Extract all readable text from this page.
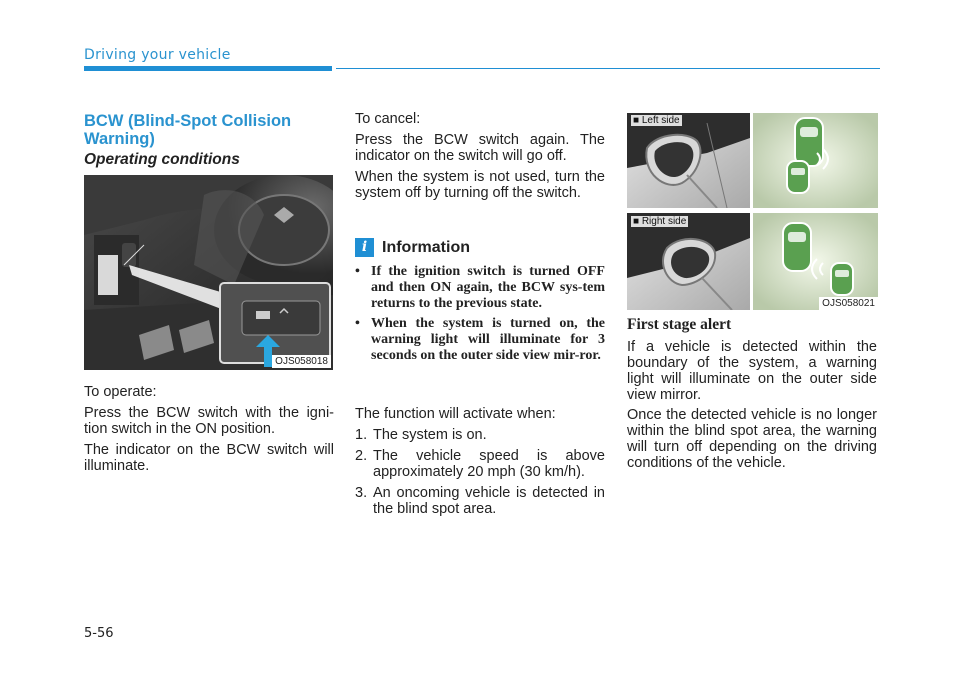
Driving your vehicle
BCW (Blind-Spot Collision Warning)
Operating conditions
OJS058018
To operate:
Press the BCW switch with the igni-tion switch in the ON position.
The indicator on the BCW switch will illuminate.
To cancel:
Press the BCW switch again. The indicator on the switch will go off.
When the system is not used, turn the system off by turning off the switch.
i Information
• If the ignition switch is turned OFF and then ON again, the BCW sys-tem returns to the previous state.
• When the system is turned on, the warning light will illuminate for 3 seconds on the outer side view mir-ror.
The function will activate when:
1. The system is on.
2. The vehicle speed is above approximately 20 mph (30 km/h).
3. An oncoming vehicle is detected in the blind spot area.
■ Left side
■ Right side
OJS058021
First stage alert
If a vehicle is detected within the boundary of the system, a warning light will illuminate on the outer side view mirror.
Once the detected vehicle is no longer within the blind spot area, the warning will turn off depending on the driving conditions of the vehicle.
5-56
